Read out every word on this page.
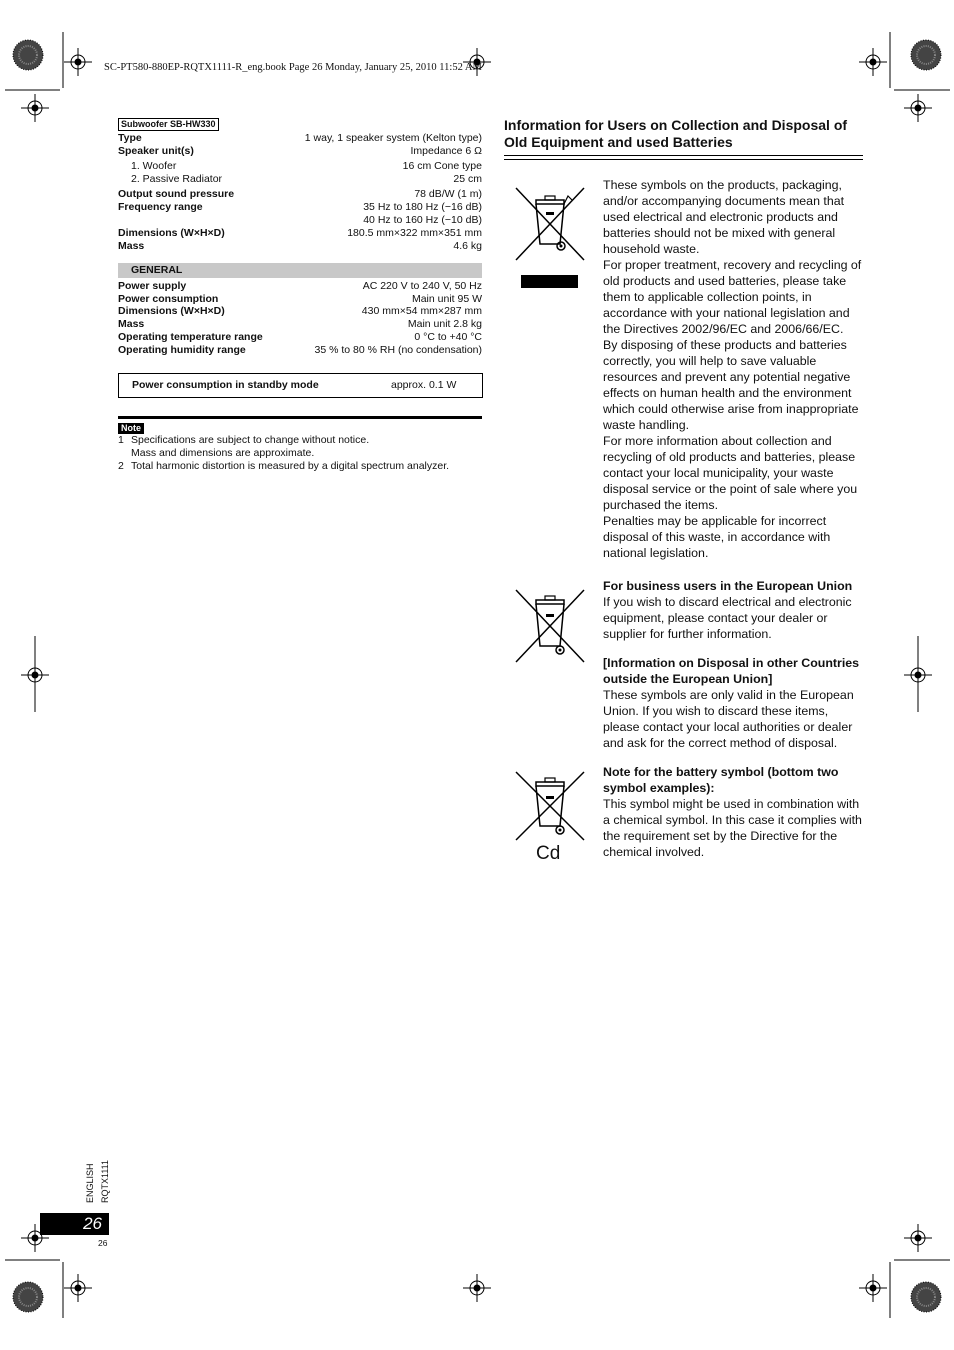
SC-PT580-880EP-RQTX1111-R_eng.book Page 26 Monday, January 25, 2010 11:52 AM
Subwoofer SB-HW330
Type	1 way, 1 speaker system (Kelton type)
Speaker unit(s)	Impedance 6 Ω
1. Woofer	16 cm Cone type
2. Passive Radiator	25 cm
Output sound pressure	78 dB/W (1 m)
Frequency range	35 Hz to 180 Hz (−16 dB)
40 Hz to 160 Hz (−10 dB)
Dimensions (W×H×D)	180.5 mm×322 mm×351 mm
Mass	4.6 kg
GENERAL
Power supply	AC 220 V to 240 V, 50 Hz
Power consumption	Main unit 95 W
Dimensions (W×H×D)	430 mm×54 mm×287 mm
Mass	Main unit 2.8 kg
Operating temperature range	0 °C to +40 °C
Operating humidity range	35 % to 80 % RH (no condensation)
Power consumption in standby mode	approx. 0.1 W
Note
1 Specifications are subject to change without notice.
Mass and dimensions are approximate.
2 Total harmonic distortion is measured by a digital spectrum analyzer.
Information for Users on Collection and Disposal of Old Equipment and used Batteries
Cd

These symbols on the products, packaging, and/or accompanying documents mean that used electrical and electronic products and batteries should not be mixed with general household waste.

For proper treatment, recovery and recycling of old products and used batteries, please take them to applicable collection points, in accordance with your national legislation and the Directives 2002/96/EC and 2006/66/EC.

By disposing of these products and batteries correctly, you will help to save valuable resources and prevent any potential negative effects on human health and the environment which could otherwise arise from inappropriate waste handling.

For more information about collection and recycling of old products and batteries, please contact your local municipality, your waste disposal service or the point of sale where you purchased the items.

Penalties may be applicable for incorrect disposal of this waste, in accordance with national legislation.

For business users in the European Union

If you wish to discard electrical and electronic equipment, please contact your dealer or supplier for further information.

[Information on Disposal in other Countries outside the European Union]

These symbols are only valid in the European Union. If you wish to discard these items, please contact your local authorities or dealer and ask for the correct method of disposal.

Note for the battery symbol (bottom two symbol examples):

This symbol might be used in combination with a chemical symbol. In this case it complies with the requirement set by the Directive for the chemical involved.

ENGLISH RQTX1111
26
26
